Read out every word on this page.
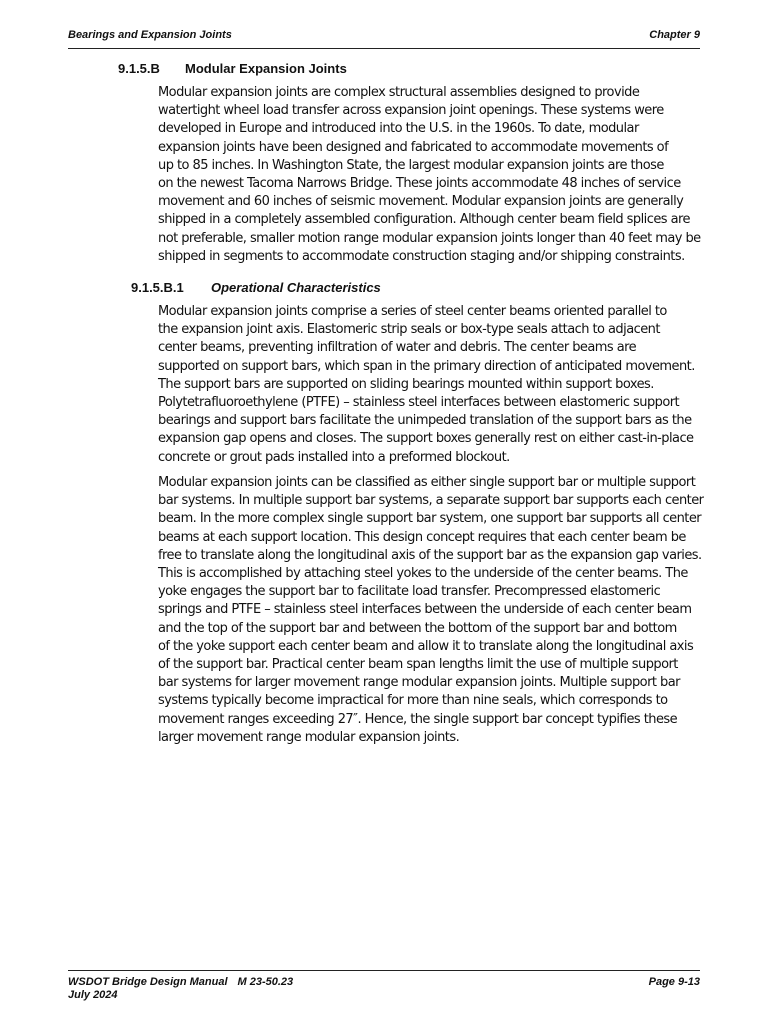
Bearings and Expansion Joints	Chapter 9
9.1.5.B Modular Expansion Joints

Modular expansion joints are complex structural assemblies designed to provide
watertight wheel load transfer across expansion joint openings. These systems were
developed in Europe and introduced into the U.S. in the 1960s. To date, modular
expansion joints have been designed and fabricated to accommodate movements of
up to 85 inches. In Washington State, the largest modular expansion joints are those
on the newest Tacoma Narrows Bridge. These joints accommodate 48 inches of service
movement and 60 inches of seismic movement. Modular expansion joints are generally
shipped in a completely assembled configuration. Although center beam field splices are
not preferable, smaller motion range modular expansion joints longer than 40 feet may be
shipped in segments to accommodate construction staging and/or shipping constraints.

9.1.5.B.1 Operational Characteristics

Modular expansion joints comprise a series of steel center beams oriented parallel to
the expansion joint axis. Elastomeric strip seals or box-type seals attach to adjacent
center beams, preventing infiltration of water and debris. The center beams are
supported on support bars, which span in the primary direction of anticipated movement.
The support bars are supported on sliding bearings mounted within support boxes.
Polytetrafluoroethylene (PTFE) – stainless steel interfaces between elastomeric support
bearings and support bars facilitate the unimpeded translation of the support bars as the
expansion gap opens and closes. The support boxes generally rest on either cast-in-place
concrete or grout pads installed into a preformed blockout.

Modular expansion joints can be classified as either single support bar or multiple support
bar systems. In multiple support bar systems, a separate support bar supports each center
beam. In the more complex single support bar system, one support bar supports all center
beams at each support location. This design concept requires that each center beam be
free to translate along the longitudinal axis of the support bar as the expansion gap varies.
This is accomplished by attaching steel yokes to the underside of the center beams. The
yoke engages the support bar to facilitate load transfer. Precompressed elastomeric
springs and PTFE – stainless steel interfaces between the underside of each center beam
and the top of the support bar and between the bottom of the support bar and bottom
of the yoke support each center beam and allow it to translate along the longitudinal axis
of the support bar. Practical center beam span lengths limit the use of multiple support
bar systems for larger movement range modular expansion joints. Multiple support bar
systems typically become impractical for more than nine seals, which corresponds to
movement ranges exceeding 27″. Hence, the single support bar concept typifies these
larger movement range modular expansion joints.

WSDOT Bridge Design Manual M 23-50.23
July 2024
Page 9-13
